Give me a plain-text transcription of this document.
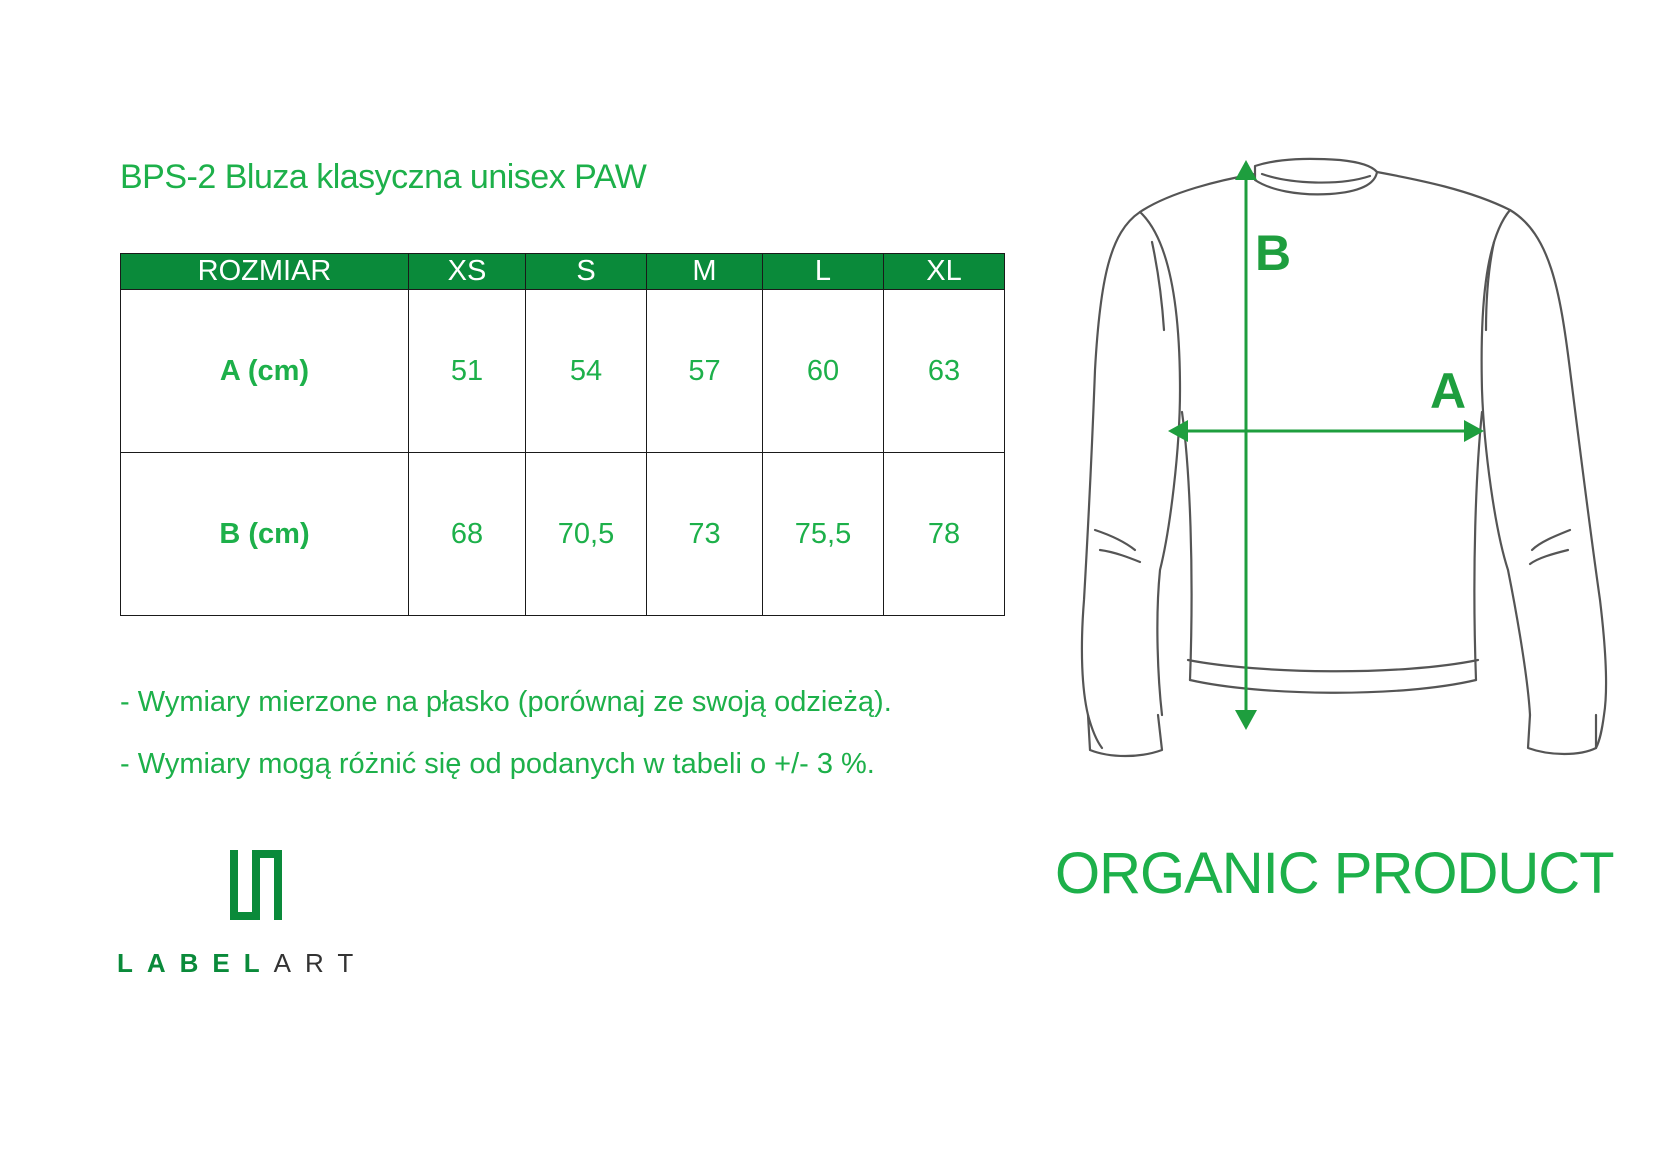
BPS-2 Bluza klasyczna unisex PAW
ROZMIAR	XS	S	M	L	XL
A (cm)	51	54	57	60	63
B (cm)	68	70,5	73	75,5	78
- Wymiary mierzone na płasko (porównaj ze swoją odzieżą).
- Wymiary mogą różnić się od podanych w tabeli o +/- 3 %.
LABELART
B
A
ORGANIC PRODUCT
